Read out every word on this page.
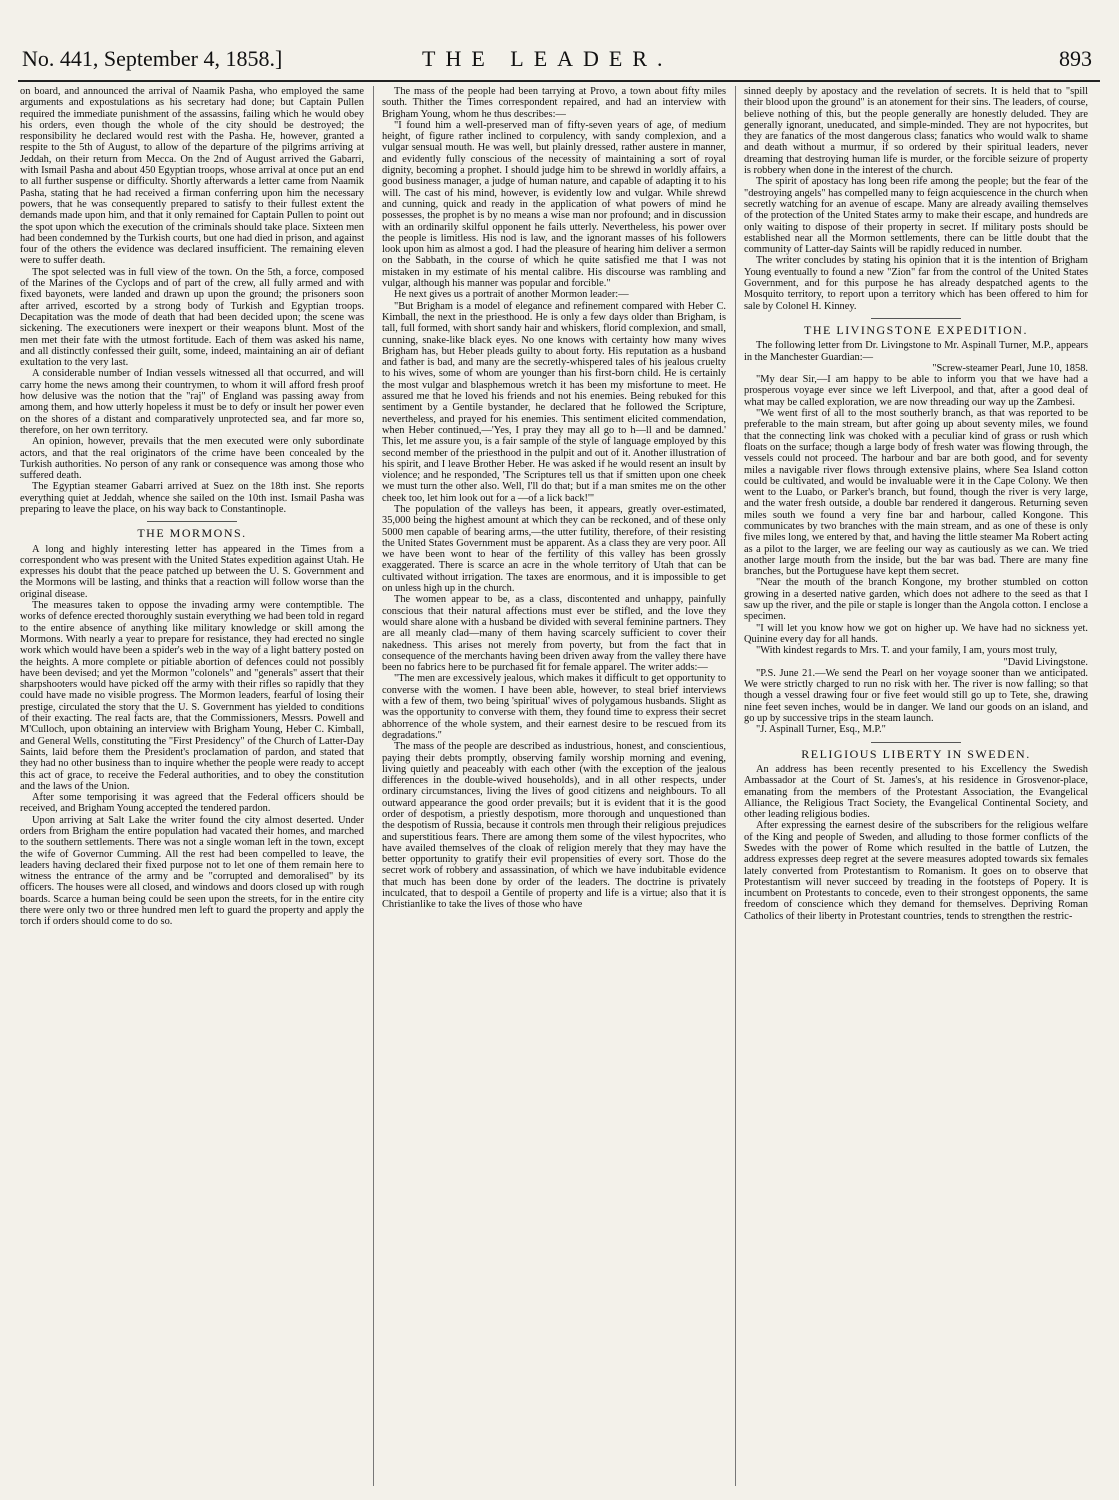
No. 441, September 4, 1858.]	THE LEADER.	893

on board, and announced the arrival of Naamik Pasha, who employed the same arguments and expostulations as his secretary had done; but Captain Pullen required the immediate punishment of the assassins, failing which he would obey his orders, even though the whole of the city should be destroyed; the responsibility he declared would rest with the Pasha. He, however, granted a respite to the 5th of August, to allow of the departure of the pilgrims arriving at Jeddah, on their return from Mecca. On the 2nd of August arrived the Gabarri, with Ismail Pasha and about 450 Egyptian troops, whose arrival at once put an end to all further suspense or difficulty. Shortly afterwards a letter came from Naamik Pasha, stating that he had received a firman conferring upon him the necessary powers, that he was consequently prepared to satisfy to their fullest extent the demands made upon him, and that it only remained for Captain Pullen to point out the spot upon which the execution of the criminals should take place. Sixteen men had been condemned by the Turkish courts, but one had died in prison, and against four of the others the evidence was declared insufficient. The remaining eleven were to suffer death.

The spot selected was in full view of the town. On the 5th, a force, composed of the Marines of the Cyclops and of part of the crew, all fully armed and with fixed bayonets, were landed and drawn up upon the ground; the prisoners soon after arrived, escorted by a strong body of Turkish and Egyptian troops. Decapitation was the mode of death that had been decided upon; the scene was sickening. The executioners were inexpert or their weapons blunt. Most of the men met their fate with the utmost fortitude. Each of them was asked his name, and all distinctly confessed their guilt, some, indeed, maintaining an air of defiant exultation to the very last.

A considerable number of Indian vessels witnessed all that occurred, and will carry home the news among their countrymen, to whom it will afford fresh proof how delusive was the notion that the "raj" of England was passing away from among them, and how utterly hopeless it must be to defy or insult her power even on the shores of a distant and comparatively unprotected sea, and far more so, therefore, on her own territory.

An opinion, however, prevails that the men executed were only subordinate actors, and that the real originators of the crime have been concealed by the Turkish authorities. No person of any rank or consequence was among those who suffered death.

The Egyptian steamer Gabarri arrived at Suez on the 18th inst. She reports everything quiet at Jeddah, whence she sailed on the 10th inst. Ismail Pasha was preparing to leave the place, on his way back to Constantinople.

THE MORMONS.

A long and highly interesting letter has appeared in the Times from a correspondent who was present with the United States expedition against Utah. He expresses his doubt that the peace patched up between the U. S. Government and the Mormons will be lasting, and thinks that a reaction will follow worse than the original disease.

The measures taken to oppose the invading army were contemptible. The works of defence erected thoroughly sustain everything we had been told in regard to the entire absence of anything like military knowledge or skill among the Mormons. With nearly a year to prepare for resistance, they had erected no single work which would have been a spider's web in the way of a light battery posted on the heights. A more complete or pitiable abortion of defences could not possibly have been devised; and yet the Mormon "colonels" and "generals" assert that their sharpshooters would have picked off the army with their rifles so rapidly that they could have made no visible progress. The Mormon leaders, fearful of losing their prestige, circulated the story that the U. S. Government has yielded to conditions of their exacting. The real facts are, that the Commissioners, Messrs. Powell and M'Culloch, upon obtaining an interview with Brigham Young, Heber C. Kimball, and General Wells, constituting the "First Presidency" of the Church of Latter-Day Saints, laid before them the President's proclamation of pardon, and stated that they had no other business than to inquire whether the people were ready to accept this act of grace, to receive the Federal authorities, and to obey the constitution and the laws of the Union.

After some temporising it was agreed that the Federal officers should be received, and Brigham Young accepted the tendered pardon.

Upon arriving at Salt Lake the writer found the city almost deserted. Under orders from Brigham the entire population had vacated their homes, and marched to the southern settlements. There was not a single woman left in the town, except the wife of Governor Cumming. All the rest had been compelled to leave, the leaders having declared their fixed purpose not to let one of them remain here to witness the entrance of the army and be "corrupted and demoralised" by its officers. The houses were all closed, and windows and doors closed up with rough boards. Scarce a human being could be seen upon the streets, for in the entire city there were only two or three hundred men left to guard the property and apply the torch if orders should come to do so.

The mass of the people had been tarrying at Provo, a town about fifty miles south. Thither the Times correspondent repaired, and had an interview with Brigham Young, whom he thus describes:—

"I found him a well-preserved man of fifty-seven years of age, of medium height, of figure rather inclined to corpulency, with sandy complexion, and a vulgar sensual mouth. He was well, but plainly dressed, rather austere in manner, and evidently fully conscious of the necessity of maintaining a sort of royal dignity, becoming a prophet. I should judge him to be shrewd in worldly affairs, a good business manager, a judge of human nature, and capable of adapting it to his will. The cast of his mind, however, is evidently low and vulgar. While shrewd and cunning, quick and ready in the application of what powers of mind he possesses, the prophet is by no means a wise man nor profound; and in discussion with an ordinarily skilful opponent he fails utterly. Nevertheless, his power over the people is limitless. His nod is law, and the ignorant masses of his followers look upon him as almost a god. I had the pleasure of hearing him deliver a sermon on the Sabbath, in the course of which he quite satisfied me that I was not mistaken in my estimate of his mental calibre. His discourse was rambling and vulgar, although his manner was popular and forcible."

He next gives us a portrait of another Mormon leader:—

"But Brigham is a model of elegance and refinement compared with Heber C. Kimball, the next in the priesthood. He is only a few days older than Brigham, is tall, full formed, with short sandy hair and whiskers, florid complexion, and small, cunning, snake-like black eyes. No one knows with certainty how many wives Brigham has, but Heber pleads guilty to about forty. His reputation as a husband and father is bad, and many are the secretly-whispered tales of his jealous cruelty to his wives, some of whom are younger than his first-born child. He is certainly the most vulgar and blasphemous wretch it has been my misfortune to meet. He assured me that he loved his friends and not his enemies. Being rebuked for this sentiment by a Gentile bystander, he declared that he followed the Scripture, nevertheless, and prayed for his enemies. This sentiment elicited commendation, when Heber continued,—'Yes, I pray they may all go to h—ll and be damned.' This, let me assure you, is a fair sample of the style of language employed by this second member of the priesthood in the pulpit and out of it. Another illustration of his spirit, and I leave Brother Heber. He was asked if he would resent an insult by violence; and he responded, 'The Scriptures tell us that if smitten upon one cheek we must turn the other also. Well, I'll do that; but if a man smites me on the other cheek too, let him look out for a —of a lick back!'"

The population of the valleys has been, it appears, greatly over-estimated, 35,000 being the highest amount at which they can be reckoned, and of these only 5000 men capable of bearing arms,—the utter futility, therefore, of their resisting the United States Government must be apparent. As a class they are very poor. All we have been wont to hear of the fertility of this valley has been grossly exaggerated. There is scarce an acre in the whole territory of Utah that can be cultivated without irrigation. The taxes are enormous, and it is impossible to get on unless high up in the church.

The women appear to be, as a class, discontented and unhappy, painfully conscious that their natural affections must ever be stifled, and the love they would share alone with a husband be divided with several feminine partners. They are all meanly clad—many of them having scarcely sufficient to cover their nakedness. This arises not merely from poverty, but from the fact that in consequence of the merchants having been driven away from the valley there have been no fabrics here to be purchased fit for female apparel. The writer adds:—

"The men are excessively jealous, which makes it difficult to get opportunity to converse with the women. I have been able, however, to steal brief interviews with a few of them, two being 'spiritual' wives of polygamous husbands. Slight as was the opportunity to converse with them, they found time to express their secret abhorrence of the whole system, and their earnest desire to be rescued from its degradations."

The mass of the people are described as industrious, honest, and conscientious, paying their debts promptly, observing family worship morning and evening, living quietly and peaceably with each other (with the exception of the jealous differences in the double-wived households), and in all other respects, under ordinary circumstances, living the lives of good citizens and neighbours. To all outward appearance the good order prevails; but it is evident that it is the good order of despotism, a priestly despotism, more thorough and unquestioned than the despotism of Russia, because it controls men through their religious prejudices and superstitious fears. There are among them some of the vilest hypocrites, who have availed themselves of the cloak of religion merely that they may have the better opportunity to gratify their evil propensities of every sort. Those do the secret work of robbery and assassination, of which we have indubitable evidence that much has been done by order of the leaders. The doctrine is privately inculcated, that to despoil a Gentile of property and life is a virtue; also that it is Christianlike to take the lives of those who have

sinned deeply by apostacy and the revelation of secrets. It is held that to "spill their blood upon the ground" is an atonement for their sins. The leaders, of course, believe nothing of this, but the people generally are honestly deluded. They are generally ignorant, uneducated, and simple-minded. They are not hypocrites, but they are fanatics of the most dangerous class; fanatics who would walk to shame and death without a murmur, if so ordered by their spiritual leaders, never dreaming that destroying human life is murder, or the forcible seizure of property is robbery when done in the interest of the church.

The spirit of apostacy has long been rife among the people; but the fear of the "destroying angels" has compelled many to feign acquiescence in the church when secretly watching for an avenue of escape. Many are already availing themselves of the protection of the United States army to make their escape, and hundreds are only waiting to dispose of their property in secret. If military posts should be established near all the Mormon settlements, there can be little doubt that the community of Latter-day Saints will be rapidly reduced in number.

The writer concludes by stating his opinion that it is the intention of Brigham Young eventually to found a new "Zion" far from the control of the United States Government, and for this purpose he has already despatched agents to the Mosquito territory, to report upon a territory which has been offered to him for sale by Colonel H. Kinney.

THE LIVINGSTONE EXPEDITION.

The following letter from Dr. Livingstone to Mr. Aspinall Turner, M.P., appears in the Manchester Guardian:—

"Screw-steamer Pearl, June 10, 1858.

"My dear Sir,—I am happy to be able to inform you that we have had a prosperous voyage ever since we left Liverpool, and that, after a good deal of what may be called exploration, we are now threading our way up the Zambesi.

"We went first of all to the most southerly branch, as that was reported to be preferable to the main stream, but after going up about seventy miles, we found that the connecting link was choked with a peculiar kind of grass or rush which floats on the surface; though a large body of fresh water was flowing through, the vessels could not proceed. The harbour and bar are both good, and for seventy miles a navigable river flows through extensive plains, where Sea Island cotton could be cultivated, and would be invaluable were it in the Cape Colony. We then went to the Luabo, or Parker's branch, but found, though the river is very large, and the water fresh outside, a double bar rendered it dangerous. Returning seven miles south we found a very fine bar and harbour, called Kongone. This communicates by two branches with the main stream, and as one of these is only five miles long, we entered by that, and having the little steamer Ma Robert acting as a pilot to the larger, we are feeling our way as cautiously as we can. We tried another large mouth from the inside, but the bar was bad. There are many fine branches, but the Portuguese have kept them secret.

"Near the mouth of the branch Kongone, my brother stumbled on cotton growing in a deserted native garden, which does not adhere to the seed as that I saw up the river, and the pile or staple is longer than the Angola cotton. I enclose a specimen.

"I will let you know how we got on higher up. We have had no sickness yet. Quinine every day for all hands.

"With kindest regards to Mrs. T. and your family, I am, yours most truly,

"David Livingstone.

"P.S. June 21.—We send the Pearl on her voyage sooner than we anticipated. We were strictly charged to run no risk with her. The river is now falling; so that though a vessel drawing four or five feet would still go up to Tete, she, drawing nine feet seven inches, would be in danger. We land our goods on an island, and go up by successive trips in the steam launch.

"J. Aspinall Turner, Esq., M.P."

RELIGIOUS LIBERTY IN SWEDEN.

An address has been recently presented to his Excellency the Swedish Ambassador at the Court of St. James's, at his residence in Grosvenor-place, emanating from the members of the Protestant Association, the Evangelical Alliance, the Religious Tract Society, the Evangelical Continental Society, and other leading religious bodies.

After expressing the earnest desire of the subscribers for the religious welfare of the King and people of Sweden, and alluding to those former conflicts of the Swedes with the power of Rome which resulted in the battle of Lutzen, the address expresses deep regret at the severe measures adopted towards six females lately converted from Protestantism to Romanism. It goes on to observe that Protestantism will never succeed by treading in the footsteps of Popery. It is incumbent on Protestants to concede, even to their strongest opponents, the same freedom of conscience which they demand for themselves. Depriving Roman Catholics of their liberty in Protestant countries, tends to strengthen the restric-
